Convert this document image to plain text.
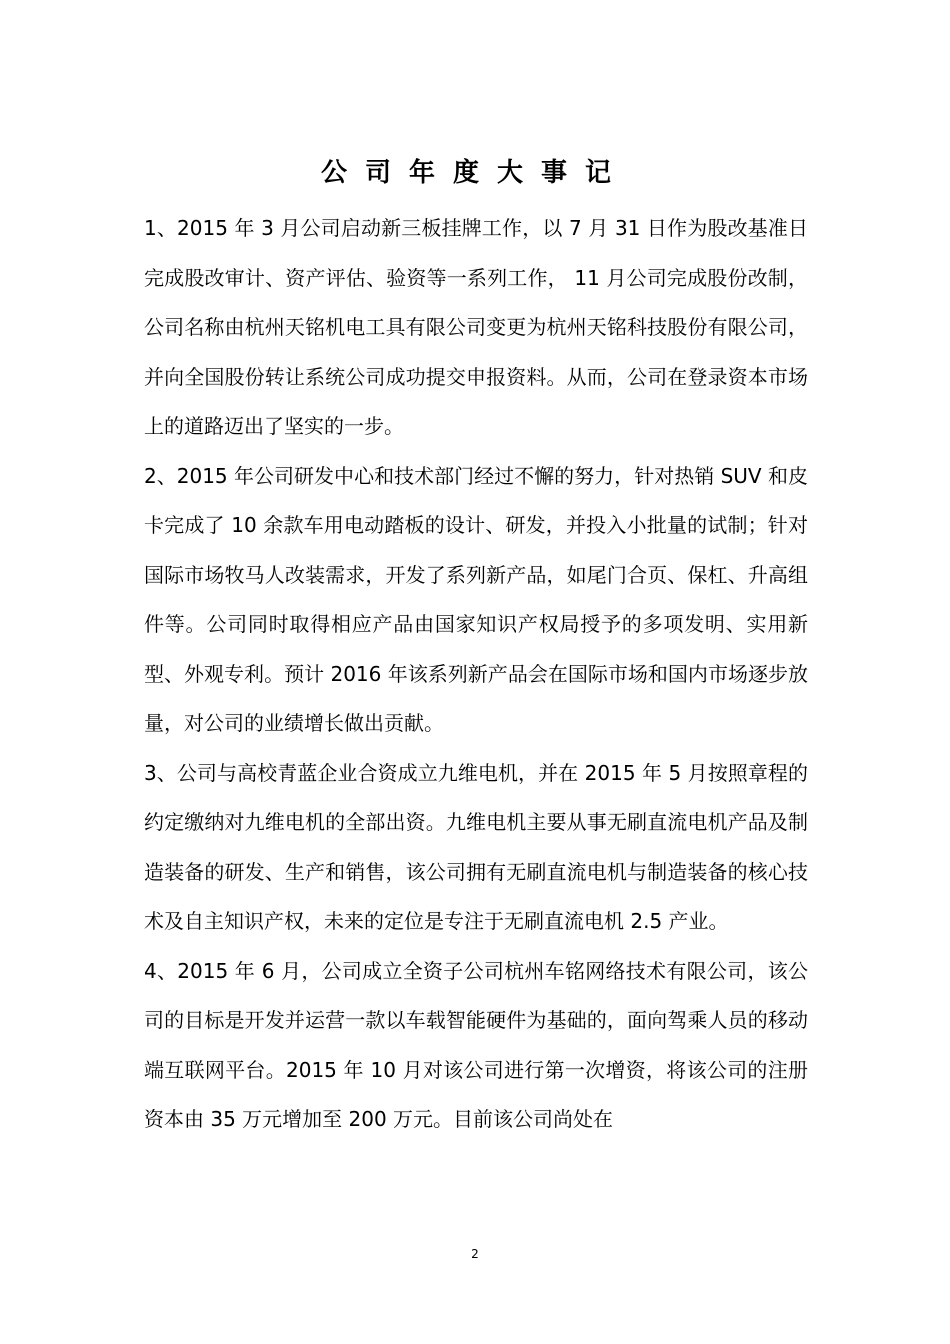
公司年度大事记

1、2015 年 3 月公司启动新三板挂牌工作，以 7 月 31 日作为股改基准日完成股改审计、资产评估、验资等一系列工作， 11 月公司完成股份改制，公司名称由杭州天铭机电工具有限公司变更为杭州天铭科技股份有限公司，并向全国股份转让系统公司成功提交申报资料。从而，公司在登录资本市场上的道路迈出了坚实的一步。

2、2015 年公司研发中心和技术部门经过不懈的努力，针对热销 SUV 和皮卡完成了 10 余款车用电动踏板的设计、研发，并投入小批量的试制；针对国际市场牧马人改装需求，开发了系列新产品，如尾门合页、保杠、升高组件等。公司同时取得相应产品由国家知识产权局授予的多项发明、实用新型、外观专利。预计 2016 年该系列新产品会在国际市场和国内市场逐步放量，对公司的业绩增长做出贡献。

3、公司与高校青蓝企业合资成立九维电机，并在 2015 年 5 月按照章程的约定缴纳对九维电机的全部出资。九维电机主要从事无刷直流电机产品及制造装备的研发、生产和销售，该公司拥有无刷直流电机与制造装备的核心技术及自主知识产权，未来的定位是专注于无刷直流电机 2.5 产业。

4、2015 年 6 月，公司成立全资子公司杭州车铭网络技术有限公司，该公司的目标是开发并运营一款以车载智能硬件为基础的，面向驾乘人员的移动端互联网平台。2015 年 10 月对该公司进行第一次增资，将该公司的注册资本由 35 万元增加至 200 万元。目前该公司尚处在

2
